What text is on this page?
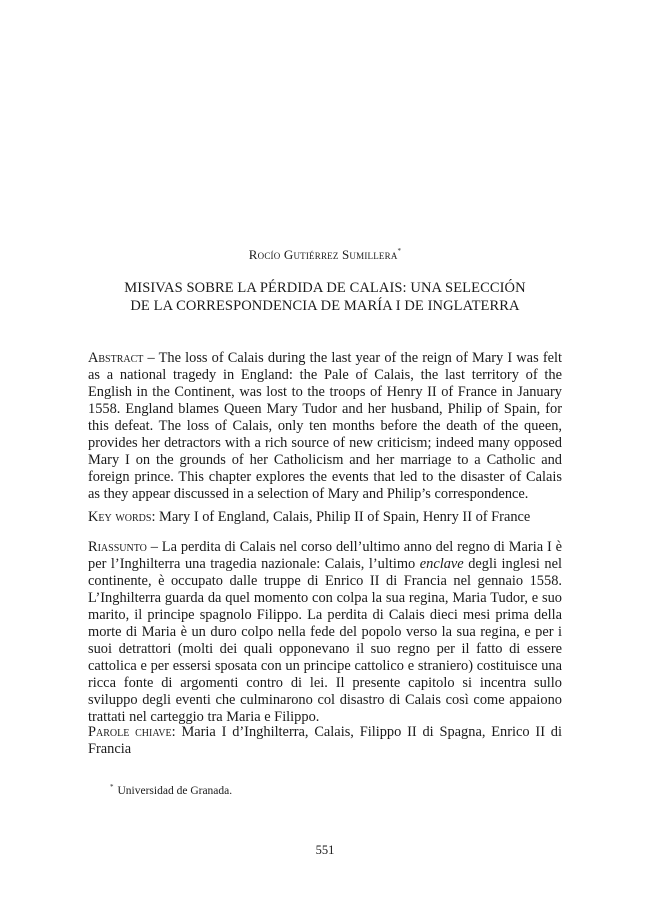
Rocío Gutiérrez Sumillera*
MISIVAS SOBRE LA PÉRDIDA DE CALAIS: UNA SELECCIÓN
DE LA CORRESPONDENCIA DE MARÍA I DE INGLATERRA
Abstract – The loss of Calais during the last year of the reign of Mary I was felt as a national tragedy in England: the Pale of Calais, the last territory of the English in the Continent, was lost to the troops of Henry II of France in January 1558. England blames Queen Mary Tudor and her husband, Philip of Spain, for this defeat. The loss of Calais, only ten months before the death of the queen, provides her detractors with a rich source of new criticism; indeed many opposed Mary I on the grounds of her Catholicism and her marriage to a Catholic and foreign prince. This chapter explores the events that led to the disaster of Calais as they appear discussed in a selection of Mary and Philip’s correspondence.
Key words: Mary I of England, Calais, Philip II of Spain, Henry II of France
Riassunto – La perdita di Calais nel corso dell’ultimo anno del regno di Maria I è per l’Inghilterra una tragedia nazionale: Calais, l’ultimo enclave degli inglesi nel continente, è occupato dalle truppe di Enrico II di Francia nel gennaio 1558. L’Inghilterra guarda da quel momento con colpa la sua regina, Maria Tudor, e suo marito, il principe spagnolo Filippo. La perdita di Calais dieci mesi prima della morte di Maria è un duro colpo nella fede del popolo verso la sua regina, e per i suoi detrattori (molti dei quali opponevano il suo regno per il fatto di essere cattolica e per essersi sposata con un principe cattolico e straniero) costituisce una ricca fonte di argomenti contro di lei. Il presente capitolo si incentra sullo sviluppo degli eventi che culminarono col disastro di Calais così come appaiono trattati nel carteggio tra Maria e Filippo.
Parole chiave: Maria I d’Inghilterra, Calais, Filippo II di Spagna, Enrico II di Francia
* Universidad de Granada.
551
